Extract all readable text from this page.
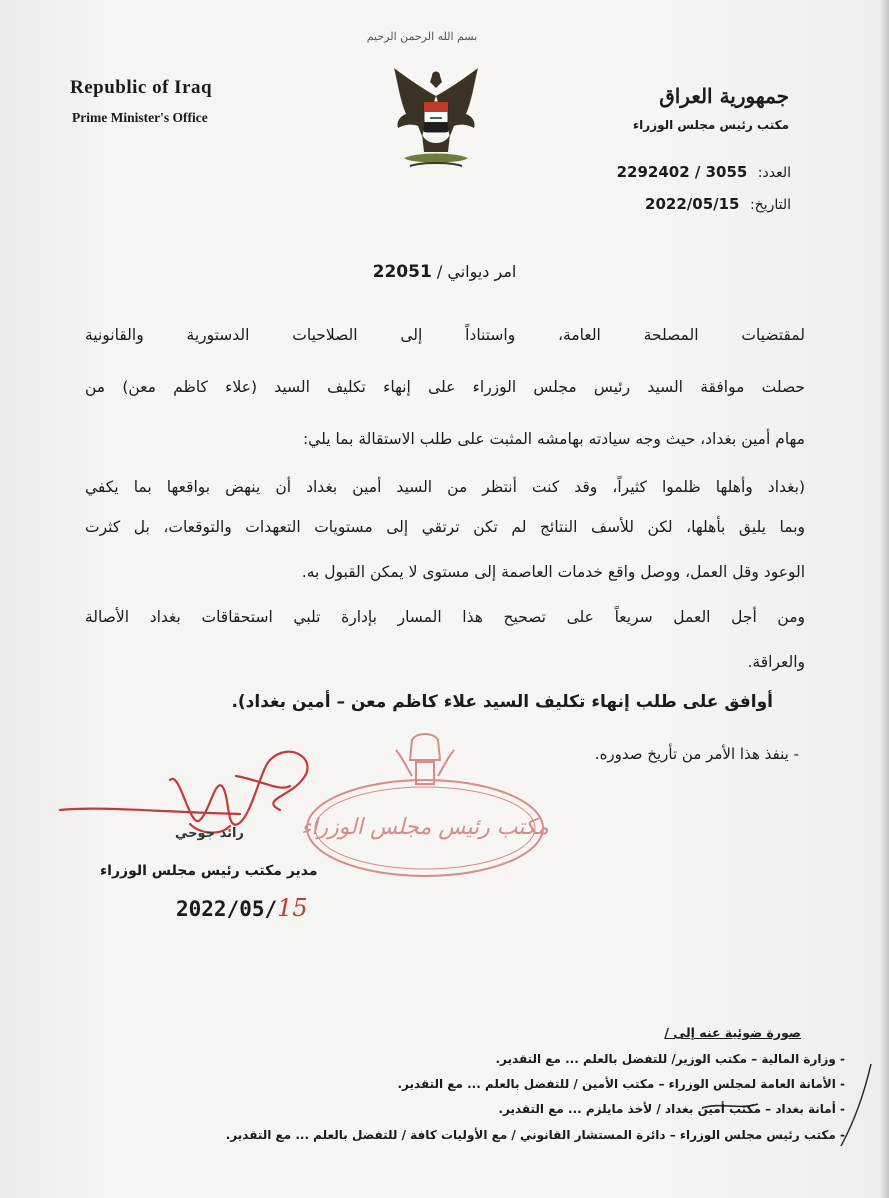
بسم الله الرحمن الرحيم
Republic of Iraq
Prime Minister's Office
جمهورية العراق
مكتب رئيس مجلس الوزراء
العدد: 2292402 / 3055
التاريخ: 2022/05/15
امر ديواني / 22051
لمقتضيات المصلحة العامة، واستناداً إلى الصلاحيات الدستورية والقانونية
حصلت موافقة السيد رئيس مجلس الوزراء على إنهاء تكليف السيد (علاء كاظم معن) من
مهام أمين بغداد، حيث وجه سيادته بهامشه المثبت على طلب الاستقالة بما يلي:
(بغداد وأهلها ظلموا كثيراً، وقد كنت أنتظر من السيد أمين بغداد أن ينهض بواقعها بما يكفي
وبما يليق بأهلها، لكن للأسف النتائج لم تكن ترتقي إلى مستويات التعهدات والتوقعات، بل كثرت
الوعود وقل العمل، ووصل واقع خدمات العاصمة إلى مستوى لا يمكن القبول به.
ومن أجل العمل سريعاً على تصحيح هذا المسار بإدارة تلبي استحقاقات بغداد الأصالة
والعراقة.
أوافق على طلب إنهاء تكليف السيد علاء كاظم معن – أمين بغداد).
- ينفذ هذا الأمر من تأريخ صدوره.
مكتب رئيس مجلس الوزراء
رائد جوحي
مدير مكتب رئيس مجلس الوزراء
2022/05/15
صورة ضوئية عنه إلى /
- وزارة المالية – مكتب الوزير/ للتفضل بالعلم ... مع التقدير.
- الأمانة العامة لمجلس الوزراء – مكتب الأمين / للتفضل بالعلم ... مع التقدير.
- أمانة بغداد – مكتب أمين بغداد / لأخذ مايلزم ... مع التقدير.
- مكتب رئيس مجلس الوزراء – دائرة المستشار القانوني / مع الأوليات كافة / للتفضل بالعلم ... مع التقدير.
